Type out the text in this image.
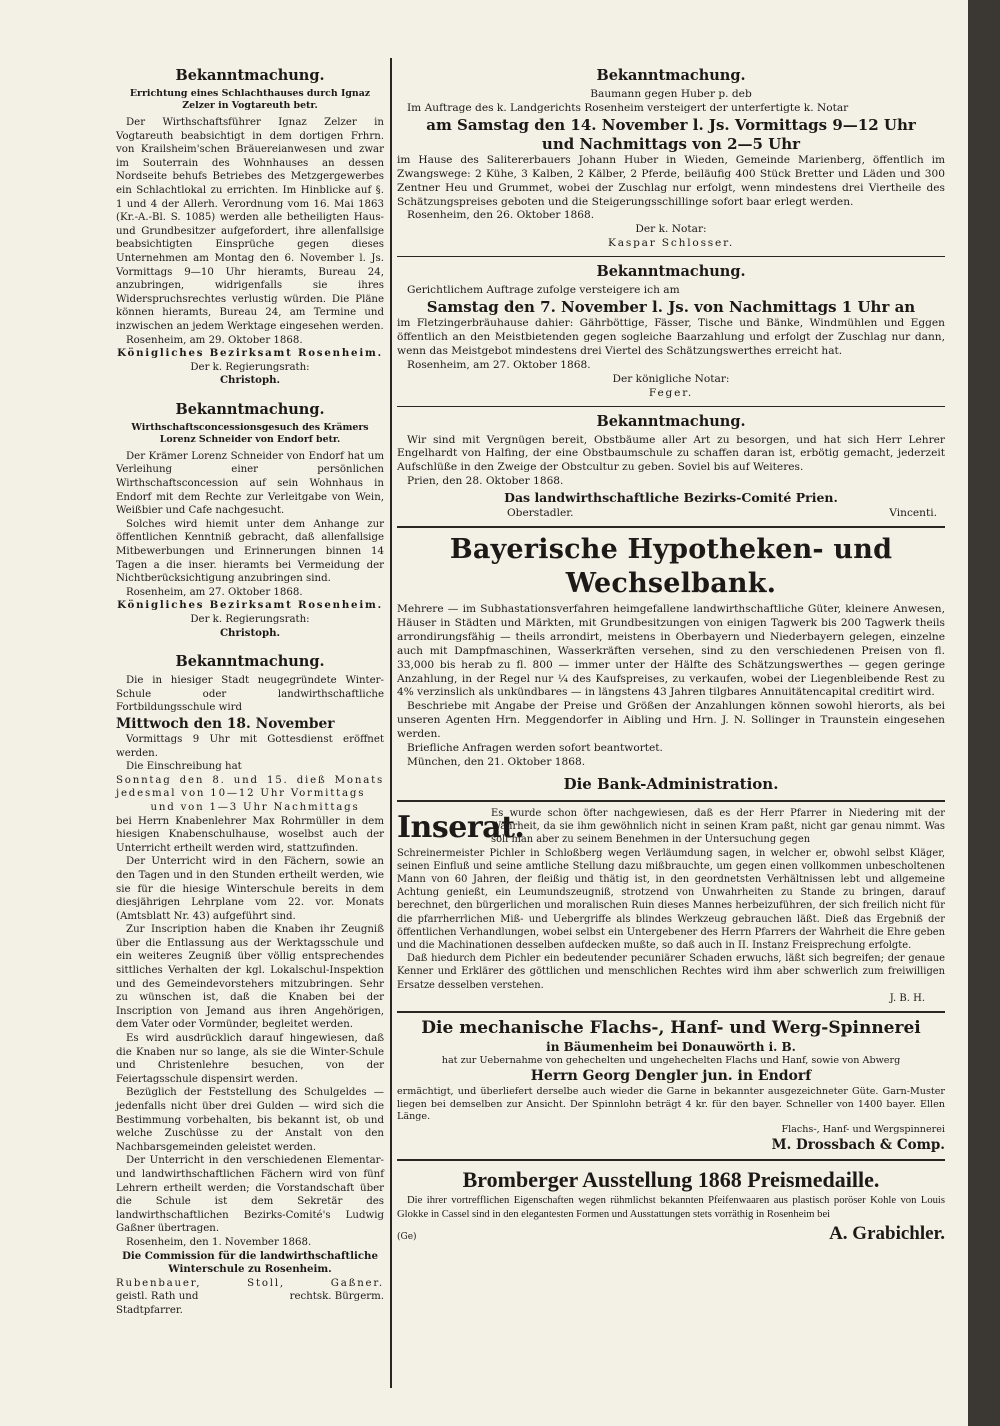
Bekanntmachung.
Errichtung eines Schlachthauses durch Ignaz Zelzer in Vogtareuth betr.

Der Wirthschaftsführer Ignaz Zelzer in Vogtareuth beabsichtigt in dem dortigen Frhrn. von Krailsheim'schen Bräuereianwesen und zwar im Souterrain des Wohnhauses an dessen Nordseite behufs Betriebes des Metzgergewerbes ein Schlachtlokal zu errichten. Im Hinblicke auf §. 1 und 4 der Allerh. Verordnung vom 16. Mai 1863 (Kr.-A.-Bl. S. 1085) werden alle betheiligten Haus- und Grundbesitzer aufgefordert, ihre allenfallsige beabsichtigten Einsprüche gegen dieses Unternehmen am Montag den 6. November l. Js. Vormittags 9—10 Uhr hieramts, Bureau 24, anzubringen, widrigenfalls sie ihres Widerspruchsrechtes verlustig würden. Die Pläne können hieramts, Bureau 24, am Termine und inzwischen an jedem Werktage eingesehen werden.

Rosenheim, am 29. Oktober 1868.

Königliches Bezirksamt Rosenheim.
Der k. Regierungsrath:
Christoph.
Bekanntmachung.
Wirthschaftsconcessionsgesuch des Krämers Lorenz Schneider von Endorf betr.

Der Krämer Lorenz Schneider von Endorf hat um Verleihung einer persönlichen Wirthschaftsconcession auf sein Wohnhaus in Endorf mit dem Rechte zur Verleitgabe von Wein, Weißbier und Cafe nachgesucht.

Solches wird hiemit unter dem Anhange zur öffentlichen Kenntniß gebracht, daß allenfallsige Mitbewerbungen und Erinnerungen binnen 14 Tagen a die inser. hieramts bei Vermeidung der Nichtberücksichtigung anzubringen sind.

Rosenheim, am 27. Oktober 1868.

Königliches Bezirksamt Rosenheim.
Der k. Regierungsrath:
Christoph.
Bekanntmachung.

Die in hiesiger Stadt neugegründete Winter-Schule oder landwirthschaftliche Fortbildungsschule wird

Mittwoch den 18. November

Vormittags 9 Uhr mit Gottesdienst eröffnet werden.

Die Einschreibung hat

Sonntag den 8. und 15. dieß Monats jedesmal von 10—12 Uhr Vormittags

und von 1—3 Uhr Nachmittags

bei Herrn Knabenlehrer Max Rohrmüller in dem hiesigen Knabenschulhause, woselbst auch der Unterricht ertheilt werden wird, stattzufinden.

Der Unterricht wird in den Fächern, sowie an den Tagen und in den Stunden ertheilt werden, wie sie für die hiesige Winterschule bereits in dem diesjährigen Lehrplane vom 22. vor. Monats (Amtsblatt Nr. 43) aufgeführt sind.

Zur Inscription haben die Knaben ihr Zeugniß über die Entlassung aus der Werktagsschule und ein weiteres Zeugniß über völlig entsprechendes sittliches Verhalten der kgl. Lokalschul-Inspektion und des Gemeindevorstehers mitzubringen. Sehr zu wünschen ist, daß die Knaben bei der Inscription von Jemand aus ihren Angehörigen, dem Vater oder Vormünder, begleitet werden.

Es wird ausdrücklich darauf hingewiesen, daß die Knaben nur so lange, als sie die Winter-Schule und Christenlehre besuchen, von der Feiertagsschule dispensirt werden.

Bezüglich der Feststellung des Schulgeldes — jedenfalls nicht über drei Gulden — wird sich die Bestimmung vorbehalten, bis bekannt ist, ob und welche Zuschüsse zu der Anstalt von den Nachbarsgemeinden geleistet werden.

Der Unterricht in den verschiedenen Elementar- und landwirthschaftlichen Fächern wird von fünf Lehrern ertheilt werden; die Vorstandschaft über die Schule ist dem Sekretär des landwirthschaftlichen Bezirks-Comité's Ludwig Gaßner übertragen.

Rosenheim, den 1. November 1868.

Die Commission für die landwirthschaftliche
Winterschule zu Rosenheim.
Rubenbauer,	Stoll,	Gaßner.
geistl. Rath und	rechtsk. Bürgerm.
Stadtpfarrer.
Bekanntmachung.
Baumann gegen Huber p. deb

Im Auftrage des k. Landgerichts Rosenheim versteigert der unterfertigte k. Notar

am Samstag den 14. November l. Js. Vormittags 9—12 Uhr
und Nachmittags von 2—5 Uhr

im Hause des Salitererbauers Johann Huber in Wieden, Gemeinde Marienberg, öffentlich im Zwangswege: 2 Kühe, 3 Kalben, 2 Kälber, 2 Pferde, beiläufig 400 Stück Bretter und Läden und 300 Zentner Heu und Grummet, wobei der Zuschlag nur erfolgt, wenn mindestens drei Viertheile des Schätzungspreises geboten und die Steigerungsschillinge sofort baar erlegt werden.

Rosenheim, den 26. Oktober 1868.

Der k. Notar:
Kaspar Schlosser.
Bekanntmachung.

Gerichtlichem Auftrage zufolge versteigere ich am

Samstag den 7. November l. Js. von Nachmittags 1 Uhr an

im Fletzingerbräuhause dahier: Gährböttige, Fässer, Tische und Bänke, Windmühlen und Eggen öffentlich an den Meistbietenden gegen sogleiche Baarzahlung und erfolgt der Zuschlag nur dann, wenn das Meistgebot mindestens drei Viertel des Schätzungswerthes erreicht hat.

Rosenheim, am 27. Oktober 1868.

Der königliche Notar:
Feger.
Bekanntmachung.

Wir sind mit Vergnügen bereit, Obstbäume aller Art zu besorgen, und hat sich Herr Lehrer Engelhardt von Halfing, der eine Obstbaumschule zu schaffen daran ist, erbötig gemacht, jederzeit Aufschlüße in den Zweige der Obstcultur zu geben. Soviel bis auf Weiteres.

Prien, den 28. Oktober 1868.

Das landwirthschaftliche Bezirks-Comité Prien.
Oberstadler.	Vincenti.
Bayerische Hypotheken- und Wechselbank.

Mehrere — im Subhastationsverfahren heimgefallene landwirthschaftliche Güter, kleinere Anwesen, Häuser in Städten und Märkten, mit Grundbesitzungen von einigen Tagwerk bis 200 Tagwerk theils arrondirungsfähig — theils arrondirt, meistens in Oberbayern und Niederbayern gelegen, einzelne auch mit Dampfmaschinen, Wasserkräften versehen, sind zu den verschiedenen Preisen von fl. 33,000 bis herab zu fl. 800 — immer unter der Hälfte des Schätzungswerthes — gegen geringe Anzahlung, in der Regel nur ¼ des Kaufspreises, zu verkaufen, wobei der Liegenbleibende Rest zu 4% verzinslich als unkündbares — in längstens 43 Jahren tilgbares Annuitätencapital creditirt wird.

Beschriebe mit Angabe der Preise und Größen der Anzahlungen können sowohl hierorts, als bei unseren Agenten Hrn. Meggendorfer in Aibling und Hrn. J. N. Sollinger in Traunstein eingesehen werden.

Briefliche Anfragen werden sofort beantwortet.

München, den 21. Oktober 1868.

Die Bank-Administration.
Inserat.

Es wurde schon öfter nachgewiesen, daß es der Herr Pfarrer in Niedering mit der Wahrheit, da sie ihm gewöhnlich nicht in seinen Kram paßt, nicht gar genau nimmt. Was soll man aber zu seinem Benehmen in der Untersuchung gegen

Schreinermeister Pichler in Schloßberg wegen Verläumdung sagen, in welcher er, obwohl selbst Kläger, seinen Einfluß und seine amtliche Stellung dazu mißbrauchte, um gegen einen vollkommen unbescholtenen Mann von 60 Jahren, der fleißig und thätig ist, in den geordnetsten Verhältnissen lebt und allgemeine Achtung genießt, ein Leumundszeugniß, strotzend von Unwahrheiten zu Stande zu bringen, darauf berechnet, den bürgerlichen und moralischen Ruin dieses Mannes herbeizuführen, der sich freilich nicht für die pfarrherrlichen Miß- und Uebergriffe als blindes Werkzeug gebrauchen läßt. Dieß das Ergebniß der öffentlichen Verhandlungen, wobei selbst ein Untergebener des Herrn Pfarrers der Wahrheit die Ehre geben und die Machinationen desselben aufdecken mußte, so daß auch in II. Instanz Freisprechung erfolgte.

Daß hiedurch dem Pichler ein bedeutender pecuniärer Schaden erwuchs, läßt sich begreifen; der genaue Kenner und Erklärer des göttlichen und menschlichen Rechtes wird ihm aber schwerlich zum freiwilligen Ersatze desselben verstehen.

J. B. H.
Die mechanische Flachs-, Hanf- und Werg-Spinnerei
in Bäumenheim bei Donauwörth i. B.
hat zur Uebernahme von gehechelten und ungehechelten Flachs und Hanf, sowie von Abwerg
Herrn Georg Dengler jun. in Endorf

ermächtigt, und überliefert derselbe auch wieder die Garne in bekannter ausgezeichneter Güte. Garn-Muster liegen bei demselben zur Ansicht. Der Spinnlohn beträgt 4 kr. für den bayer. Schneller von 1400 bayer. Ellen Länge.

Flachs-, Hanf- und Wergspinnerei
M. Drossbach & Comp.
Bromberger Ausstellung 1868 Preismedaille.

Die ihrer vortrefflichen Eigenschaften wegen rühmlichst bekannten Pfeifenwaaren aus plastisch poröser Kohle von Louis Glokke in Cassel sind in den elegantesten Formen und Ausstattungen stets vorräthig in Rosenheim bei

(Ge)	A. Grabichler.
